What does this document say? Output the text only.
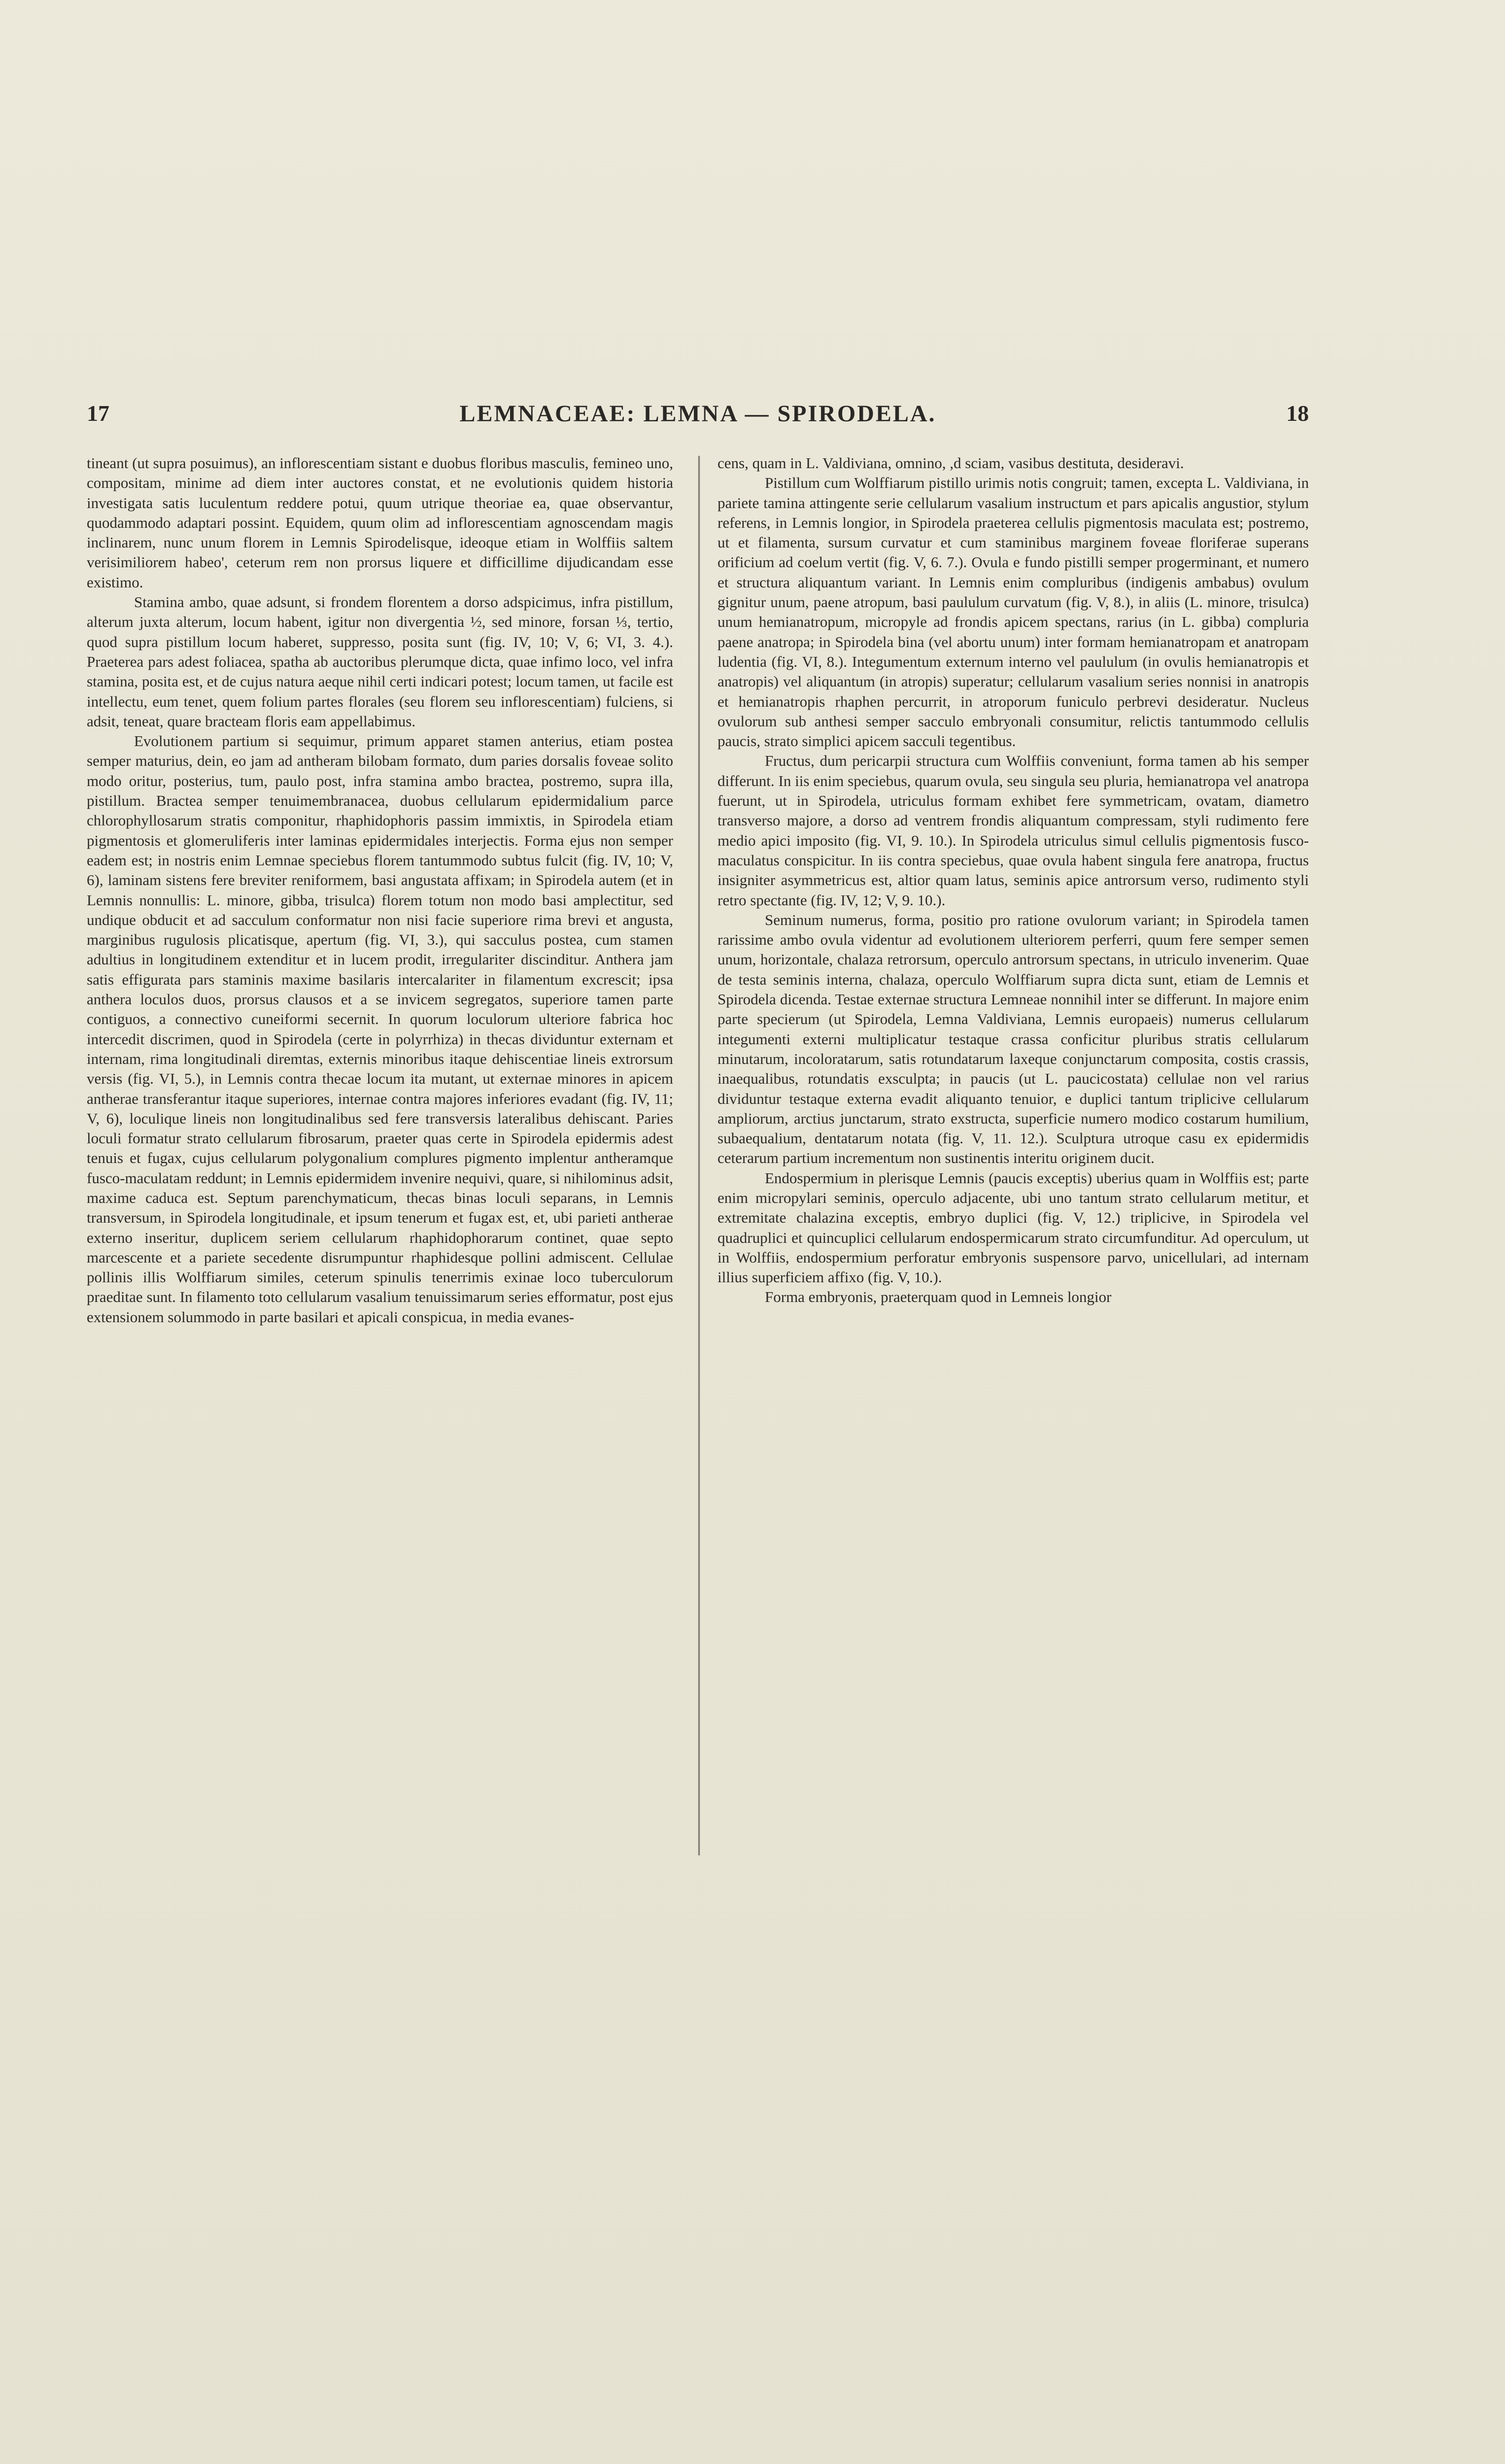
17	LEMNACEAE: LEMNA — SPIRODELA.	18

tineant (ut supra posuimus), an inflorescentiam sistant e duobus floribus masculis, femineo uno, compositam, minime ad diem inter auctores constat, et ne evolutionis quidem historia investigata satis luculentum reddere potui, quum utrique theoriae ea, quae observantur, quodammodo adaptari possint. Equidem, quum olim ad inflorescentiam agnoscendam magis inclinarem, nunc unum florem in Lemnis Spirodelisque, ideoque etiam in Wolffiis saltem verisimiliorem habeo', ceterum rem non prorsus liquere et difficillime dijudicandam esse existimo.

Stamina ambo, quae adsunt, si frondem florentem a dorso adspicimus, infra pistillum, alterum juxta alterum, locum habent, igitur non divergentia ½, sed minore, forsan ⅓, tertio, quod supra pistillum locum haberet, suppresso, posita sunt (fig. IV, 10; V, 6; VI, 3. 4.). Praeterea pars adest foliacea, spatha ab auctoribus plerumque dicta, quae infimo loco, vel infra stamina, posita est, et de cujus natura aeque nihil certi indicari potest; locum tamen, ut facile est intellectu, eum tenet, quem folium partes florales (seu florem seu inflorescentiam) fulciens, si adsit, teneat, quare bracteam floris eam appellabimus.

Evolutionem partium si sequimur, primum apparet stamen anterius, etiam postea semper maturius, dein, eo jam ad antheram bilobam formato, dum paries dorsalis foveae solito modo oritur, posterius, tum, paulo post, infra stamina ambo bractea, postremo, supra illa, pistillum. Bractea semper tenuimembranacea, duobus cellularum epidermidalium parce chlorophyllosarum stratis componitur, rhaphidophoris passim immixtis, in Spirodela etiam pigmentosis et glomeruliferis inter laminas epidermidales interjectis. Forma ejus non semper eadem est; in nostris enim Lemnae speciebus florem tantummodo subtus fulcit (fig. IV, 10; V, 6), laminam sistens fere breviter reniformem, basi angustata affixam; in Spirodela autem (et in Lemnis nonnullis: L. minore, gibba, trisulca) florem totum non modo basi amplectitur, sed undique obducit et ad sacculum conformatur non nisi facie superiore rima brevi et angusta, marginibus rugulosis plicatisque, apertum (fig. VI, 3.), qui sacculus postea, cum stamen adultius in longitudinem extenditur et in lucem prodit, irregulariter discinditur. Anthera jam satis effigurata pars staminis maxime basilaris intercalariter in filamentum excrescit; ipsa anthera loculos duos, prorsus clausos et a se invicem segregatos, superiore tamen parte contiguos, a connectivo cuneiformi secernit. In quorum loculorum ulteriore fabrica hoc intercedit discrimen, quod in Spirodela (certe in polyrrhiza) in thecas dividuntur externam et internam, rima longitudinali diremtas, externis minoribus itaque dehiscentiae lineis extrorsum versis (fig. VI, 5.), in Lemnis contra thecae locum ita mutant, ut externae minores in apicem antherae transferantur itaque superiores, internae contra majores inferiores evadant (fig. IV, 11; V, 6), loculique lineis non longitudinalibus sed fere transversis lateralibus dehiscant. Paries loculi formatur strato cellularum fibrosarum, praeter quas certe in Spirodela epidermis adest tenuis et fugax, cujus cellularum polygonalium complures pigmento implentur antheramque fusco-maculatam reddunt; in Lemnis epidermidem invenire nequivi, quare, si nihilominus adsit, maxime caduca est. Septum parenchymaticum, thecas binas loculi separans, in Lemnis transversum, in Spirodela longitudinale, et ipsum tenerum et fugax est, et, ubi parieti antherae externo inseritur, duplicem seriem cellularum rhaphidophorarum continet, quae septo marcescente et a pariete secedente disrumpuntur rhaphidesque pollini admiscent. Cellulae pollinis illis Wolffiarum similes, ceterum spinulis tenerrimis exinae loco tuberculorum praeditae sunt. In filamento toto cellularum vasalium tenuissimarum series efformatur, post ejus extensionem solummodo in parte basilari et apicali conspicua, in media evanes-

cens, quam in L. Valdiviana, omnino, ,d sciam, vasibus destituta, desideravi.

Pistillum cum Wolffiarum pistillo urimis notis congruit; tamen, excepta L. Valdiviana, in pariete tamina attingente serie cellularum vasalium instructum et pars apicalis angustior, stylum referens, in Lemnis longior, in Spirodela praeterea cellulis pigmentosis maculata est; postremo, ut et filamenta, sursum curvatur et cum staminibus marginem foveae floriferae superans orificium ad coelum vertit (fig. V, 6. 7.). Ovula e fundo pistilli semper progerminant, et numero et structura aliquantum variant. In Lemnis enim compluribus (indigenis ambabus) ovulum gignitur unum, paene atropum, basi paululum curvatum (fig. V, 8.), in aliis (L. minore, trisulca) unum hemianatropum, micropyle ad frondis apicem spectans, rarius (in L. gibba) compluria paene anatropa; in Spirodela bina (vel abortu unum) inter formam hemianatropam et anatropam ludentia (fig. VI, 8.). Integumentum externum interno vel paululum (in ovulis hemianatropis et anatropis) vel aliquantum (in atropis) superatur; cellularum vasalium series nonnisi in anatropis et hemianatropis rhaphen percurrit, in atroporum funiculo perbrevi desideratur. Nucleus ovulorum sub anthesi semper sacculo embryonali consumitur, relictis tantummodo cellulis paucis, strato simplici apicem sacculi tegentibus.

Fructus, dum pericarpii structura cum Wolffiis conveniunt, forma tamen ab his semper differunt. In iis enim speciebus, quarum ovula, seu singula seu pluria, hemianatropa vel anatropa fuerunt, ut in Spirodela, utriculus formam exhibet fere symmetricam, ovatam, diametro transverso majore, a dorso ad ventrem frondis aliquantum compressam, styli rudimento fere medio apici imposito (fig. VI, 9. 10.). In Spirodela utriculus simul cellulis pigmentosis fusco-maculatus conspicitur. In iis contra speciebus, quae ovula habent singula fere anatropa, fructus insigniter asymmetricus est, altior quam latus, seminis apice antrorsum verso, rudimento styli retro spectante (fig. IV, 12; V, 9. 10.).

Seminum numerus, forma, positio pro ratione ovulorum variant; in Spirodela tamen rarissime ambo ovula videntur ad evolutionem ulteriorem perferri, quum fere semper semen unum, horizontale, chalaza retrorsum, operculo antrorsum spectans, in utriculo invenerim. Quae de testa seminis interna, chalaza, operculo Wolffiarum supra dicta sunt, etiam de Lemnis et Spirodela dicenda. Testae externae structura Lemneae nonnihil inter se differunt. In majore enim parte specierum (ut Spirodela, Lemna Valdiviana, Lemnis europaeis) numerus cellularum integumenti externi multiplicatur testaque crassa conficitur pluribus stratis cellularum minutarum, incoloratarum, satis rotundatarum laxeque conjunctarum composita, costis crassis, inaequalibus, rotundatis exsculpta; in paucis (ut L. paucicostata) cellulae non vel rarius dividuntur testaque externa evadit aliquanto tenuior, e duplici tantum triplicive cellularum ampliorum, arctius junctarum, strato exstructa, superficie numero modico costarum humilium, subaequalium, dentatarum notata (fig. V, 11. 12.). Sculptura utroque casu ex epidermidis ceterarum partium incrementum non sustinentis interitu originem ducit.

Endospermium in plerisque Lemnis (paucis exceptis) uberius quam in Wolffiis est; parte enim micropylari seminis, operculo adjacente, ubi uno tantum strato cellularum metitur, et extremitate chalazina exceptis, embryo duplici (fig. V, 12.) triplicive, in Spirodela vel quadruplici et quincuplici cellularum endospermicarum strato circumfunditur. Ad operculum, ut in Wolffiis, endospermium perforatur embryonis suspensore parvo, unicellulari, ad internam illius superficiem affixo (fig. V, 10.).

Forma embryonis, praeterquam quod in Lemneis longior
